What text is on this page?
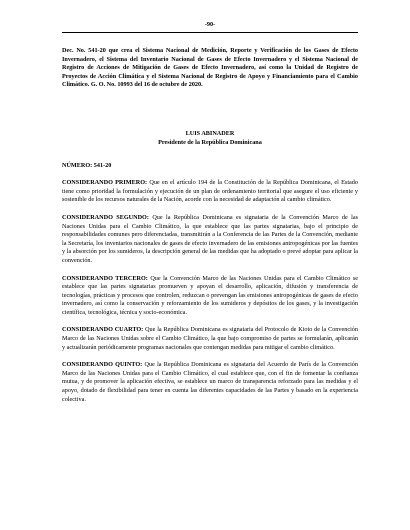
-90-
Dec. No. 541-20 que crea el Sistema Nacional de Medición, Reporte y Verificación de los Gases de Efecto Invernadero, el Sistema del Inventario Nacional de Gases de Efecto Invernadero y el Sistema Nacional de Registro de Acciones de Mitigación de Gases de Efecto Invernadero, así como la Unidad de Registro de Proyectos de Acción Climática y el Sistema Nacional de Registro de Apoyo y Financiamiento para el Cambio Climático. G. O. No. 10993 del 16 de octubre de 2020.
LUIS ABINADER
Presidente de la República Dominicana
NÚMERO: 541-20
CONSIDERANDO PRIMERO: Que en el artículo 194 de la Constitución de la República Dominicana, el Estado tiene como prioridad la formulación y ejecución de un plan de ordenamiento territorial que asegure el uso eficiente y sostenible de los recursos naturales de la Nación, acorde con la necesidad de adaptación al cambio climático.
CONSIDERANDO SEGUNDO: Que la República Dominicana es signataria de la Convención Marco de las Naciones Unidas para el Cambio Climático, la que establece que las partes signatarias, bajo el principio de responsabilidades comunes pero diferenciadas, transmitirán a la Conferencia de las Partes de la Convención, mediante la Secretaría, los inventarios nacionales de gases de efecto invernadero de las emisiones antropogénicas por las fuentes y la absorción por los sumideros, la descripción general de las medidas que ha adoptado o prevé adoptar para aplicar la convención.
CONSIDERANDO TERCERO: Que la Convención Marco de las Naciones Unidas para el Cambio Climático se establece que las partes signatarias promueven y apoyan el desarrollo, aplicación, difusión y transferencia de tecnologías, prácticas y procesos que controlen, reduzcan o prevengan las emisiones antropogénicas de gases de efecto invernadero, así como la conservación y reforzamiento de los sumideros y depósitos de los gases, y la investigación científica, tecnológica, técnica y socio-económica.
CONSIDERANDO CUARTO: Que la República Dominicana es signataria del Protocolo de Kioto de la Convención Marco de las Naciones Unidas sobre el Cambio Climático, la que bajo compromiso de partes se formularán, aplicarán y actualizarán periódicamente programas nacionales que contengan medidas para mitigar el cambio climático.
CONSIDERANDO QUINTO: Que la República Dominicana es signataria del Acuerdo de París de la Convención Marco de las Naciones Unidas para el Cambio Climático, el cual establece que, con el fin de fomentar la confianza mutua, y de promover la aplicación efectiva, se establece un marco de transparencia reforzado para las medidas y el apoyo, dotado de flexibilidad para tener en cuenta las diferentes capacidades de las Partes y basado en la experiencia colectiva.
